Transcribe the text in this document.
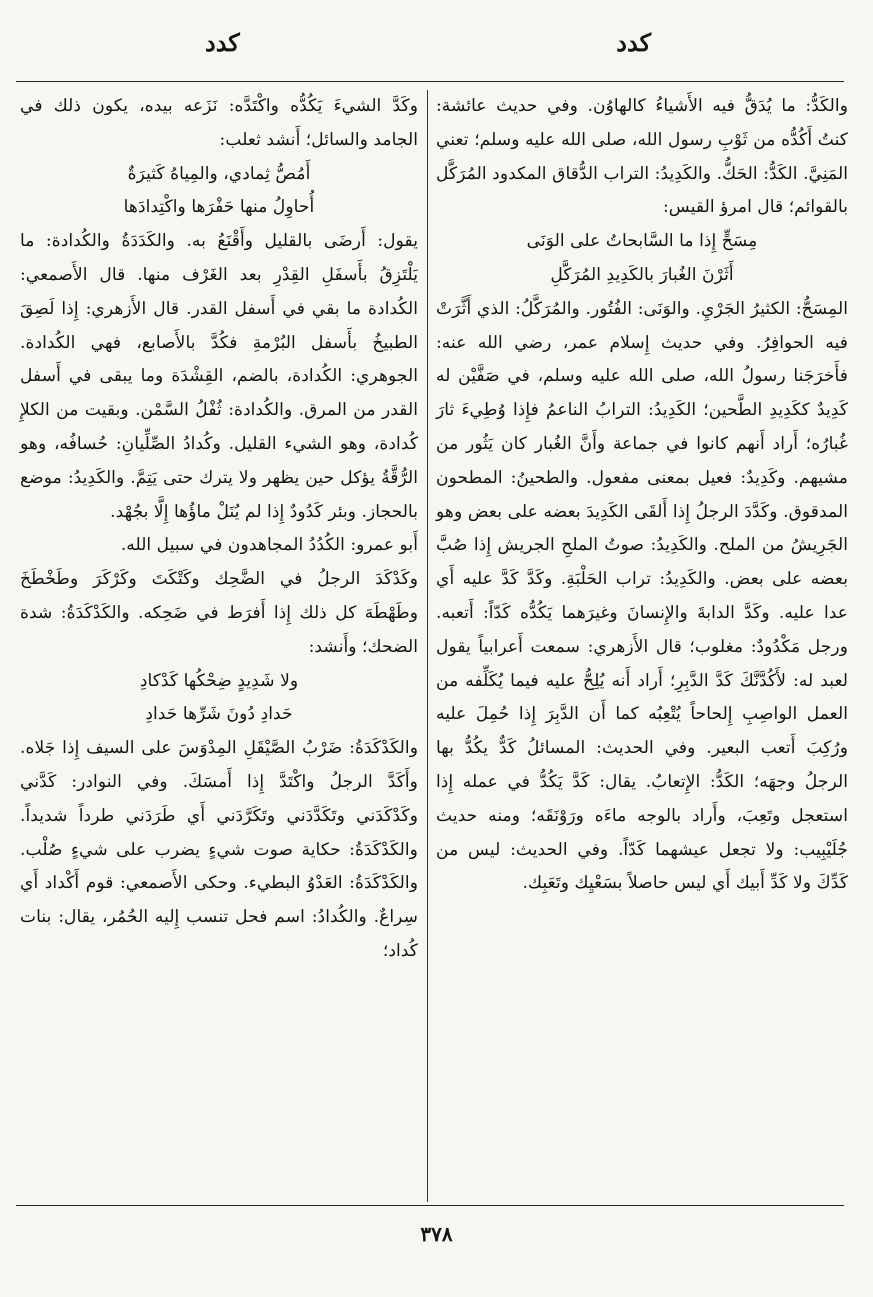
كدد
كدد

والكَدُّ: ما يُدَقُّ فيه الأَشياءُ كالهاوُن. وفي حديث عائشة: كنتُ أَكُدُّه من ثَوْبِ رسول الله، صلى الله عليه وسلم؛ تعني المَنِيَّ. الكَدُّ: الحَكُّ. والكَدِيدُ: التراب الدُّقاق المكدود المُرَكَّل بالقوائم؛ قال امرؤ القيس:

مِسَحٍّ إِذا ما السَّابحاتُ على الوَنَى

أَثَرْنَ الغُبارَ بالكَدِيدِ المُرَكَّلِ

المِسَحُّ: الكثيرُ الجَرْيِ. والوَنَى: الفُتُور. والمُرَكَّلُ: الذي أَثَّرَتْ فيه الحوافِرُ. وفي حديث إِسلام عمر، رضي الله عنه: فأَخرَجَنا رسولُ الله، صلى الله عليه وسلم، في صَفَّيْن له كَدِيدٌ ككَدِيدِ الطَّحين؛ الكَدِيدُ: الترابُ الناعمُ فإِذا وُطِيءَ ثارَ غُبارُه؛ أَراد أَنهم كانوا في جماعة وأَنَّ الغُبار كان يَثُور من مشيهم. وكَدِيدٌ: فعيل بمعنى مفعول. والطحينُ: المطحون المدقوق. وكَدَّدَ الرجلُ إِذا أَلقَى الكَدِيدَ بعضه على بعض وهو الجَرِيشُ من الملح. والكَدِيدُ: صوتُ الملحِ الجريش إِذا صُبَّ بعضه على بعض. والكَدِيدُ: تراب الحَلْبَةِ. وكَدَّ كَدَّ عليه أَي عدا عليه. وكَدَّ الدابةَ والإِنسانَ وغيرَهما يَكُدُّه كَدّاً: أَتعبه. ورجل مَكْدُودٌ: مغلوب؛ قال الأَزهري: سمعت أَعرابياً يقول لعبد له: لأَكُدَّنَّكَ كَدَّ الدَّبِرِ؛ أَراد أَنه يُلِحُّ عليه فيما يُكَلِّفه من العمل الواصِبِ إِلحاحاً يُتْعِبُه كما أَن الدَّبِرَ إِذا حُمِلَ عليه ورُكِبَ أَتعب البعير. وفي الحديث: المسائلُ كَدٌّ يكُدُّ بها الرجلُ وجهَه؛ الكَدُّ: الإِتعابُ. يقال: كَدَّ يَكُدُّ في عمله إِذا استعجل وتَعِبَ، وأَراد بالوجه ماءَه ورَوْنَقَه؛ ومنه حديث جُلَيْبِيب: ولا تجعل عيشهما كَدّاً. وفي الحديث: ليس من كَدِّكَ ولا كَدِّ أَبيك أَي ليس حاصلاً بسَعْيِك وتَعَبِك.

وكَدَّ الشيءَ يَكُدُّه واكْتَدَّه: نَزَعه بيده، يكون ذلك في الجامد والسائل؛ أَنشد ثعلب:

أَمُصُّ ثِمادي، والمِياهُ كَثيرَةٌ

أُحاوِلُ منها حَفْرَها واكْتِدادَها

يقول: أَرضَى بالقليل وأَقْنَعُ به. والكَدَدَةُ والكُدادة: ما يَلْتَزِقُ بأَسفَلِ القِدْرِ بعد الغَرْف منها. قال الأَصمعي: الكُدادة ما بقي في أَسفل القدر. قال الأَزهري: إِذا لَصِقَ الطبيخُ بأَسفل البُرْمةِ فكُدَّ بالأَصابع، فهي الكُدادة. الجوهري: الكُدادة، بالضم، القِشْدَة وما يبقى في أَسفل القدر من المرق. والكُدادة: ثُفْلُ السَّمْن. وبقيت من الكلإِ كُدادة، وهو الشيء القليل. وكُدادُ الصِّلِّيانِ: حُسافُه، وهو الرُّقَّةُ يؤكل حين يظهر ولا يترك حتى يَتِمَّ. والكَدِيدُ: موضع بالحجاز. وبئر كَدُودٌ إِذا لم يُنَلْ ماؤُها إِلَّا بجُهْد.

أَبو عمرو: الكُدُدُ المجاهدون في سبيل الله.

وكَدْكَدَ الرجلُ في الضَّحِك وكَتْكَتَ وكَرْكَرَ وطَخْطَخَ وطَهْطَهَ كل ذلك إِذا أَفرَط في ضَحِكه. والكَدْكَدَةُ: شدة الضحك؛ وأَنشد:

ولا شَدِيدٍ ضِحْكُها كَدْكادِ

حَدادِ دُونَ شَرِّها حَدادِ

والكَدْكَدَةُ: ضَرْبُ الصَّيْقَلِ المِدْوَسَ على السيف إِذا جَلاه. وأَكَدَّ الرجلُ واكْتَدَّ إِذا أَمسَكَ. وفي النوادر: كَدَّني وكَدْكَدَني وتَكَدَّدَني وتَكَرَّدَني أَي طَرَدَني طرداً شديداً. والكَدْكَدَةُ: حكاية صوت شيءٍ يضرب على شيءٍ صُلْب. والكَدْكَدَةُ: العَدْوُ البطيء. وحكى الأَصمعي: قوم أَكْداد أَي سِراعٌ. والكُدادُ: اسم فحل تنسب إِليه الحُمُر، يقال: بنات كُداد؛

٣٧٨
